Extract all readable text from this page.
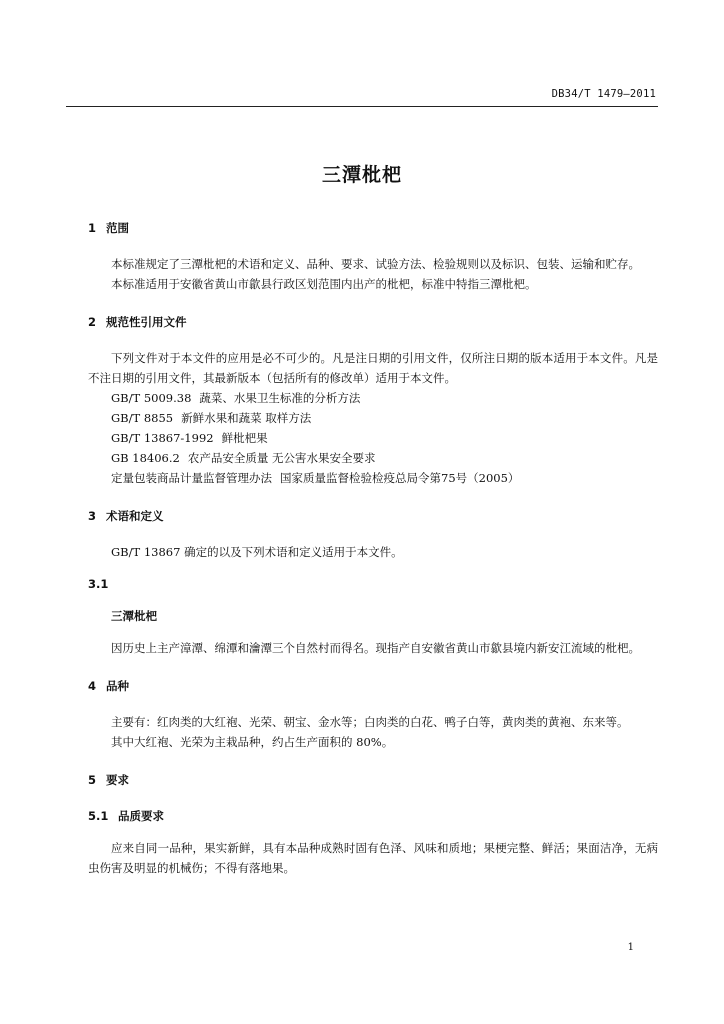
DB34/T 1479—2011
三潭枇杷
1 范围
本标准规定了三潭枇杷的术语和定义、品种、要求、试验方法、检验规则以及标识、包装、运输和贮存。
本标准适用于安徽省黄山市歙县行政区划范围内出产的枇杷，标准中特指三潭枇杷。
2 规范性引用文件
下列文件对于本文件的应用是必不可少的。凡是注日期的引用文件，仅所注日期的版本适用于本文件。凡是不注日期的引用文件，其最新版本（包括所有的修改单）适用于本文件。
GB/T 5009.38 蔬菜、水果卫生标准的分析方法
GB/T 8855 新鲜水果和蔬菜 取样方法
GB/T 13867-1992 鲜枇杷果
GB 18406.2 农产品安全质量 无公害水果安全要求
定量包装商品计量监督管理办法 国家质量监督检验检疫总局令第75号（2005）
3 术语和定义
GB/T 13867 确定的以及下列术语和定义适用于本文件。
3.1
三潭枇杷
因历史上主产漳潭、绵潭和瀹潭三个自然村而得名。现指产自安徽省黄山市歙县境内新安江流域的枇杷。
4 品种
主要有：红肉类的大红袍、光荣、朝宝、金水等；白肉类的白花、鸭子白等，黄肉类的黄袍、东来等。
其中大红袍、光荣为主栽品种，约占生产面积的 80%。
5 要求
5.1 品质要求
应来自同一品种，果实新鲜，具有本品种成熟时固有色泽、风味和质地；果梗完整、鲜活；果面洁净，无病虫伤害及明显的机械伤；不得有落地果。
1
